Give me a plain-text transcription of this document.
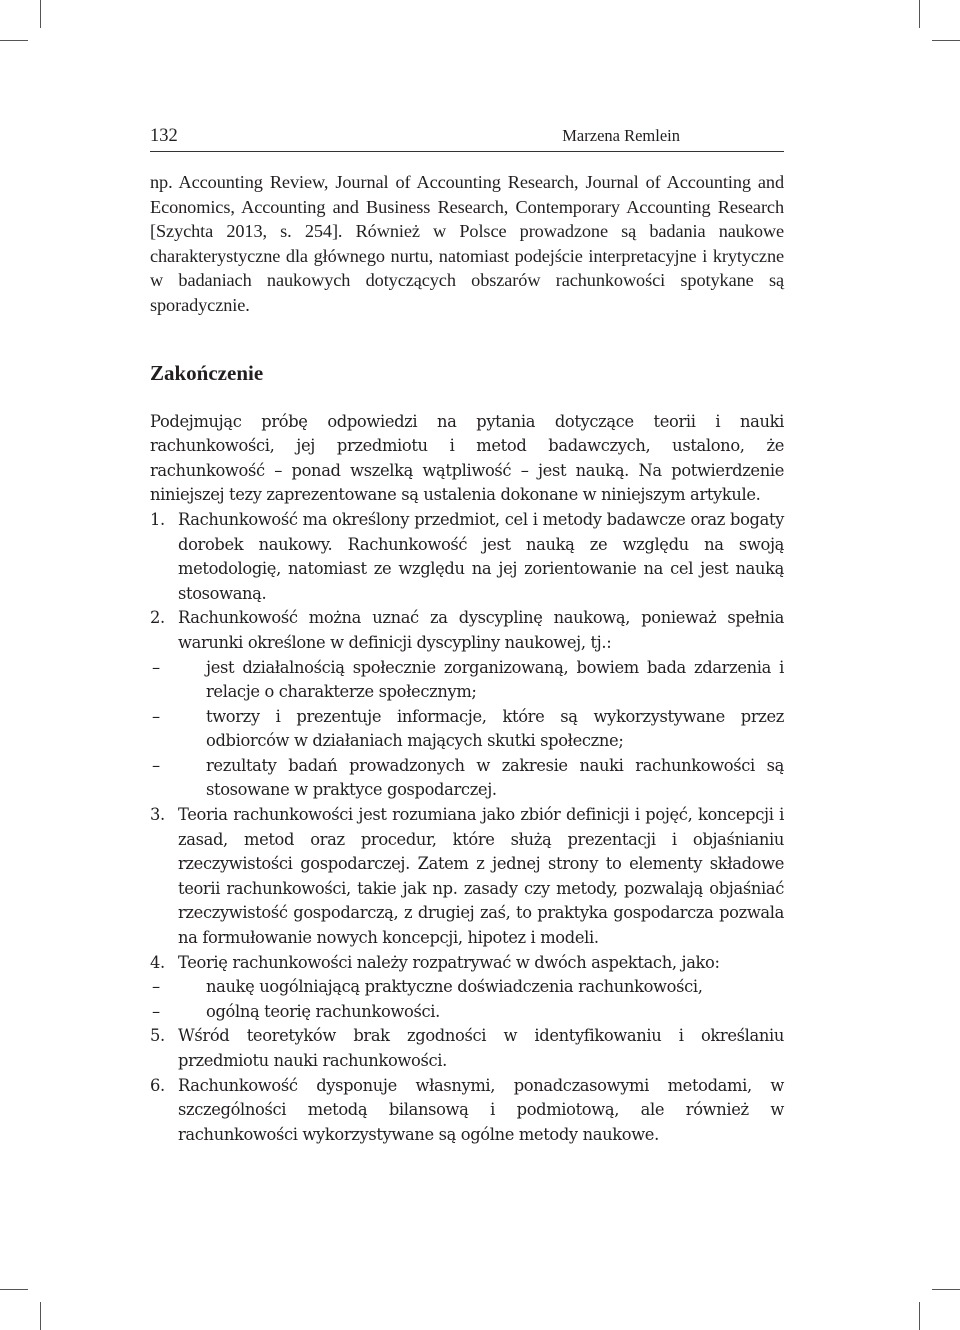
132	Marzena Remlein

np. Accounting Review, Journal of Accounting Research, Journal of Accounting and Economics, Accounting and Business Research, Contemporary Accounting Research [Szychta 2013, s. 254]. Również w Polsce prowadzone są badania naukowe charakterystyczne dla głównego nurtu, natomiast podejście interpretacyjne i krytyczne w badaniach naukowych dotyczących obszarów rachunkowości spotykane są sporadycznie.

Zakończenie
Podejmując próbę odpowiedzi na pytania dotyczące teorii i nauki rachunkowości, jej przedmiotu i metod badawczych, ustalono, że rachunkowość – ponad wszelką wątpliwość – jest nauką. Na potwierdzenie niniejszej tezy zaprezentowane są ustalenia dokonane w niniejszym artykule.
1. Rachunkowość ma określony przedmiot, cel i metody badawcze oraz bogaty dorobek naukowy. Rachunkowość jest nauką ze względu na swoją metodologię, natomiast ze względu na jej zorientowanie na cel jest nauką stosowaną.
2. Rachunkowość można uznać za dyscyplinę naukową, ponieważ spełnia warunki określone w definicji dyscypliny naukowej, tj.:
–	jest działalnością społecznie zorganizowaną, bowiem bada zdarzenia i relacje o charakterze społecznym;
–	tworzy i prezentuje informacje, które są wykorzystywane przez odbiorców w działaniach mających skutki społeczne;
–	rezultaty badań prowadzonych w zakresie nauki rachunkowości są stosowane w praktyce gospodarczej.
3. Teoria rachunkowości jest rozumiana jako zbiór definicji i pojęć, koncepcji i zasad, metod oraz procedur, które służą prezentacji i objaśnianiu rzeczywistości gospodarczej. Zatem z jednej strony to elementy składowe teorii rachunkowości, takie jak np. zasady czy metody, pozwalają objaśniać rzeczywistość gospodarczą, z drugiej zaś, to praktyka gospodarcza pozwala na formułowanie nowych koncepcji, hipotez i modeli.
4. Teorię rachunkowości należy rozpatrywać w dwóch aspektach, jako:
–	naukę uogólniającą praktyczne doświadczenia rachunkowości,
–	ogólną teorię rachunkowości.
5. Wśród teoretyków brak zgodności w identyfikowaniu i określaniu przedmiotu nauki rachunkowości.
6. Rachunkowość dysponuje własnymi, ponadczasowymi metodami, w szczególności metodą bilansową i podmiotową, ale również w rachunkowości wykorzystywane są ogólne metody naukowe.
